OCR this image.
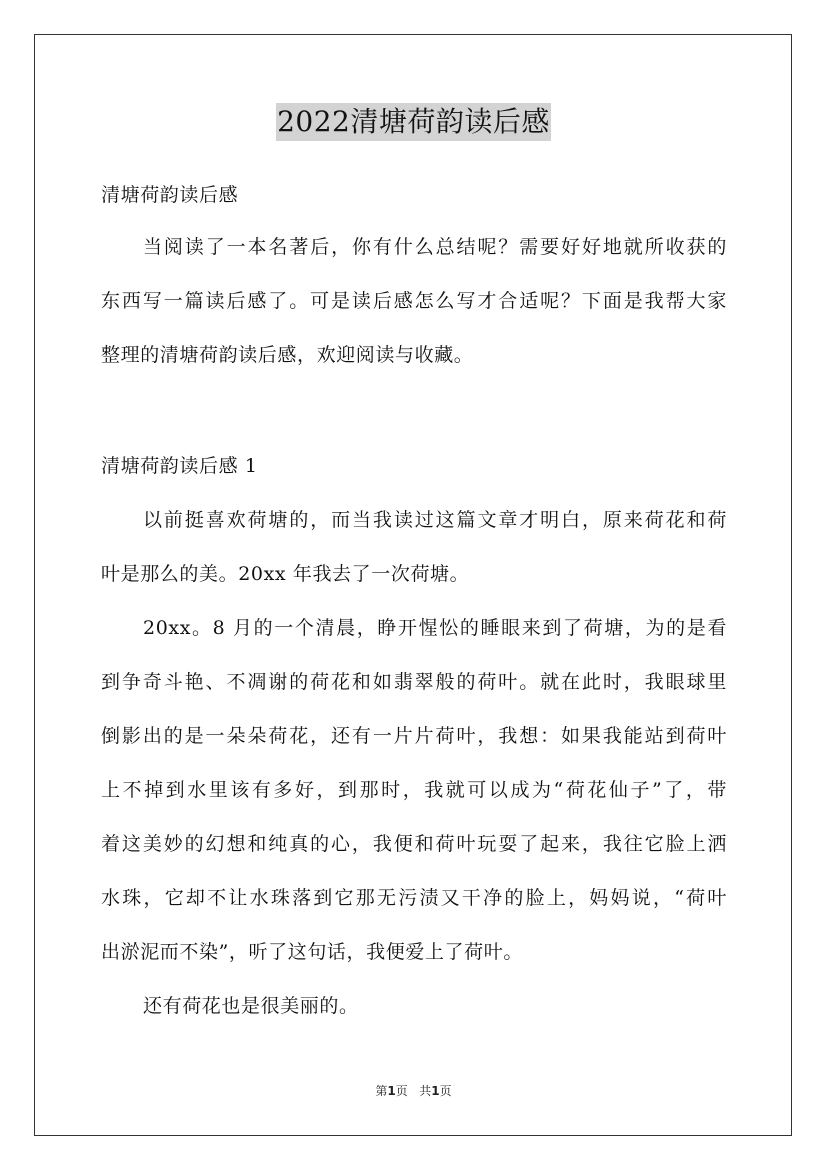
2022清塘荷韵读后感
清塘荷韵读后感
当阅读了一本名著后，你有什么总结呢？需要好好地就所收获的
东西写一篇读后感了。可是读后感怎么写才合适呢？下面是我帮大家
整理的清塘荷韵读后感，欢迎阅读与收藏。
清塘荷韵读后感 1
以前挺喜欢荷塘的，而当我读过这篇文章才明白，原来荷花和荷
叶是那么的美。20xx 年我去了一次荷塘。
20xx。8 月的一个清晨，睁开惺忪的睡眼来到了荷塘，为的是看
到争奇斗艳、不凋谢的荷花和如翡翠般的荷叶。就在此时，我眼球里
倒影出的是一朵朵荷花，还有一片片荷叶，我想：如果我能站到荷叶
上不掉到水里该有多好，到那时，我就可以成为“荷花仙子”了，带
着这美妙的幻想和纯真的心，我便和荷叶玩耍了起来，我往它脸上洒
水珠，它却不让水珠落到它那无污渍又干净的脸上，妈妈说，“荷叶
出淤泥而不染”，听了这句话，我便爱上了荷叶。
还有荷花也是很美丽的。
第1页 共1页
